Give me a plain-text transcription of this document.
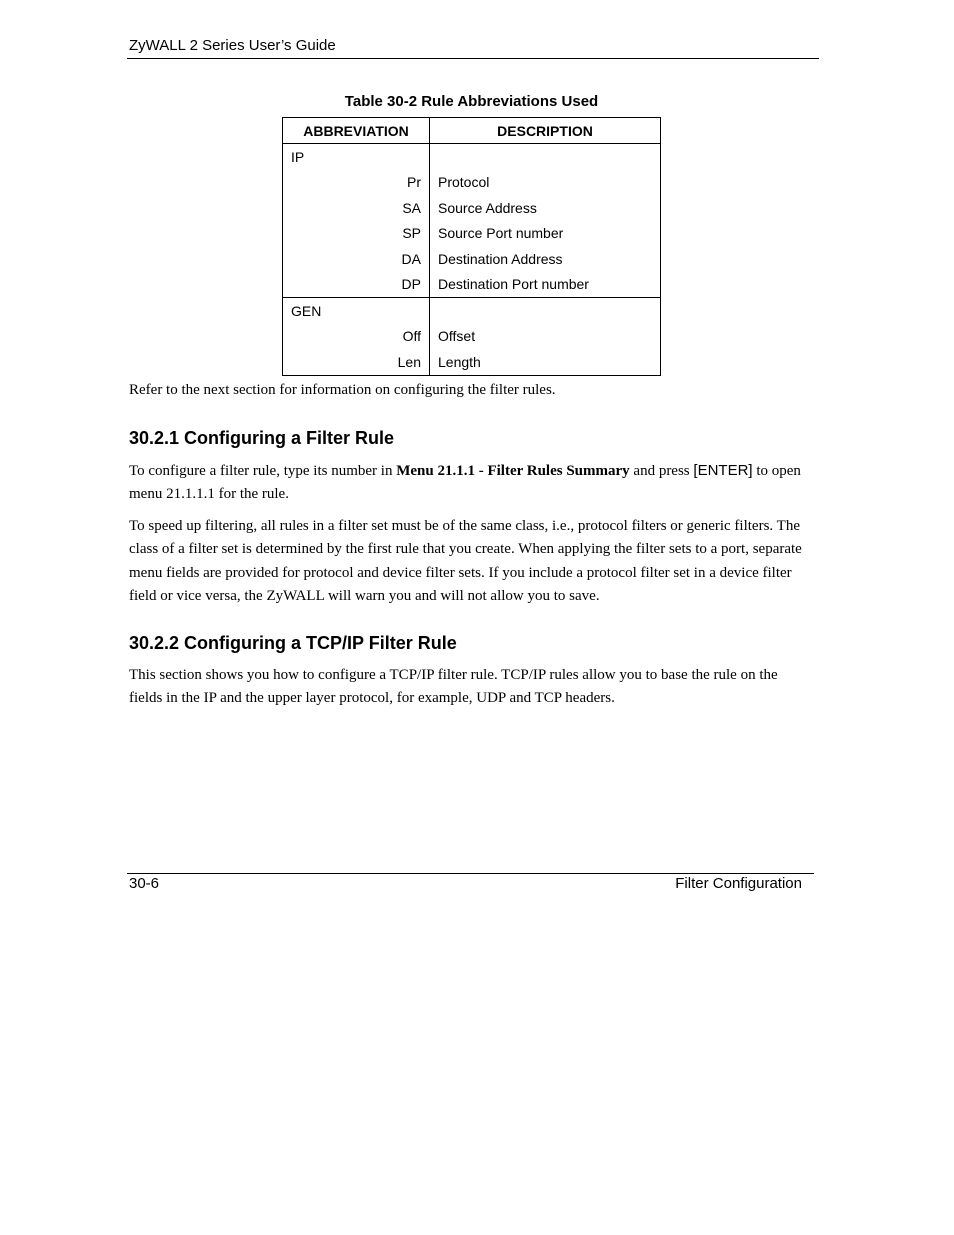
ZyWALL 2 Series User’s Guide
Table 30-2 Rule Abbreviations Used
ABBREVIATION	DESCRIPTION
IP	
Pr	Protocol
SA	Source Address
SP	Source Port number
DA	Destination Address
DP	Destination Port number
GEN	
Off	Offset
Len	Length

Refer to the next section for information on configuring the filter rules.

30.2.1 Configuring a Filter Rule

To configure a filter rule, type its number in Menu 21.1.1 - Filter Rules Summary and press [ENTER] to open menu 21.1.1.1 for the rule.

To speed up filtering, all rules in a filter set must be of the same class, i.e., protocol filters or generic filters. The class of a filter set is determined by the first rule that you create. When applying the filter sets to a port, separate menu fields are provided for protocol and device filter sets. If you include a protocol filter set in a device filter field or vice versa, the ZyWALL will warn you and will not allow you to save.

30.2.2 Configuring a TCP/IP Filter Rule

This section shows you how to configure a TCP/IP filter rule. TCP/IP rules allow you to base the rule on the fields in the IP and the upper layer protocol, for example, UDP and TCP headers.

30-6	Filter Configuration
